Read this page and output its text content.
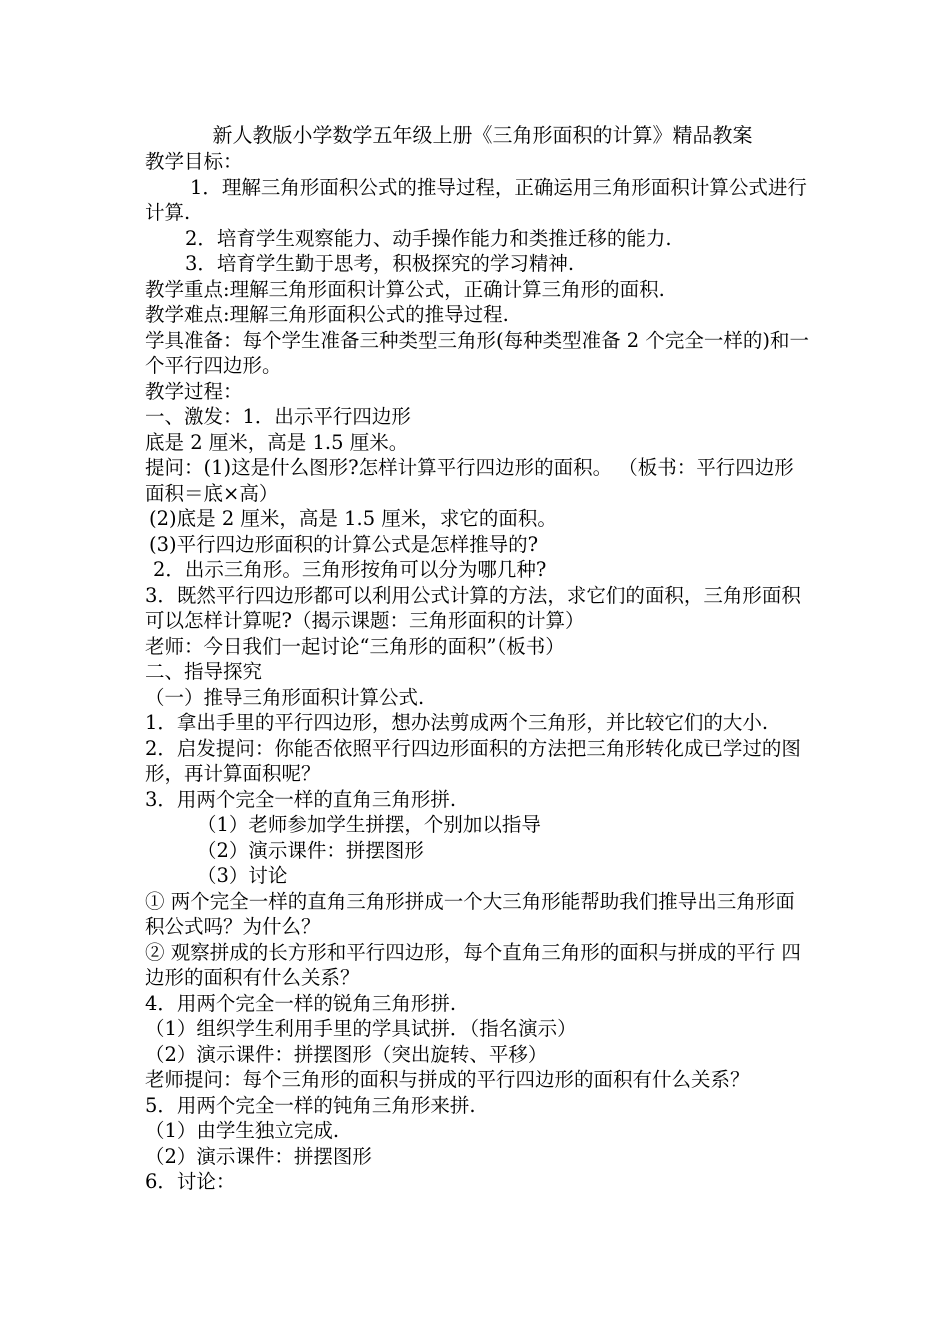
新人教版小学数学五年级上册《三角形面积的计算》精品教案

教学目标：

1．理解三角形面积公式的推导过程，正确运用三角形面积计算公式进行计算.

2．培育学生观察能力、动手操作能力和类推迁移的能力.

3．培育学生勤于思考，积极探究的学习精神.

教学重点:理解三角形面积计算公式，正确计算三角形的面积.

教学难点:理解三角形面积公式的推导过程.

学具准备：每个学生准备三种类型三角形(每种类型准备 2 个完全一样的)和一个平行四边形。

教学过程：

一、激发：1．出示平行四边形

底是 2 厘米，高是 1.5 厘米。

提问：(1)这是什么图形?怎样计算平行四边形的面积。 （板书：平行四边形面积＝底×高）

(2)底是 2 厘米，高是 1.5 厘米，求它的面积。

(3)平行四边形面积的计算公式是怎样推导的?

2．出示三角形。三角形按角可以分为哪几种?

3．既然平行四边形都可以利用公式计算的方法，求它们的面积，三角形面积可以怎样计算呢?（揭示课题：三角形面积的计算）

老师：今日我们一起讨论“三角形的面积”（板书）

二、指导探究

（一）推导三角形面积计算公式.

1．拿出手里的平行四边形，想办法剪成两个三角形，并比较它们的大小.

2．启发提问：你能否依照平行四边形面积的方法把三角形转化成已学过的图形，再计算面积呢？

3．用两个完全一样的直角三角形拼.

（1）老师参加学生拼摆，个别加以指导

（2）演示课件：拼摆图形

（3）讨论

① 两个完全一样的直角三角形拼成一个大三角形能帮助我们推导出三角形面积公式吗？为什么？

② 观察拼成的长方形和平行四边形，每个直角三角形的面积与拼成的平行 四边形的面积有什么关系？

4．用两个完全一样的锐角三角形拼.

（1）组织学生利用手里的学具试拼．（指名演示）

（2）演示课件：拼摆图形（突出旋转、平移）

老师提问：每个三角形的面积与拼成的平行四边形的面积有什么关系？

5．用两个完全一样的钝角三角形来拼.

（1）由学生独立完成.

（2）演示课件：拼摆图形

6．讨论：
